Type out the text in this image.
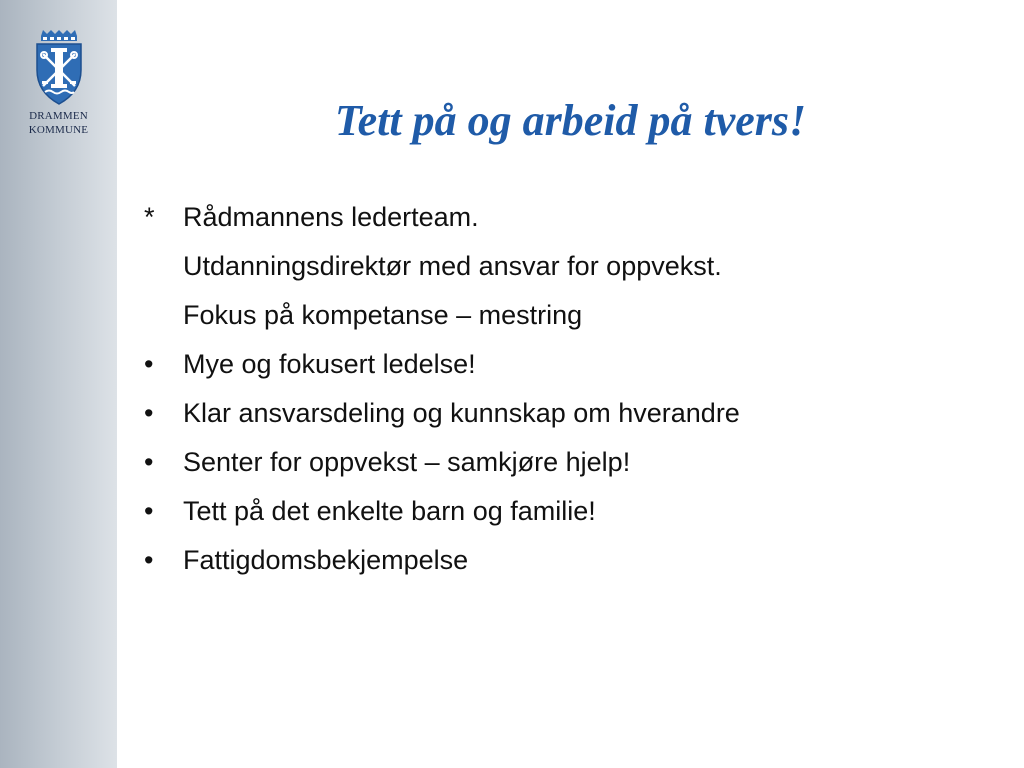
DRAMMEN
KOMMUNE	Tett på og arbeid på tvers!
*	Rådmannens lederteam.
Utdanningsdirektør med ansvar for oppvekst.
Fokus på kompetanse – mestring
•	Mye og fokusert ledelse!
•	Klar ansvarsdeling og kunnskap om hverandre
•	Senter for oppvekst – samkjøre hjelp!
•	Tett på det enkelte barn og familie!
•	Fattigdomsbekjempelse
